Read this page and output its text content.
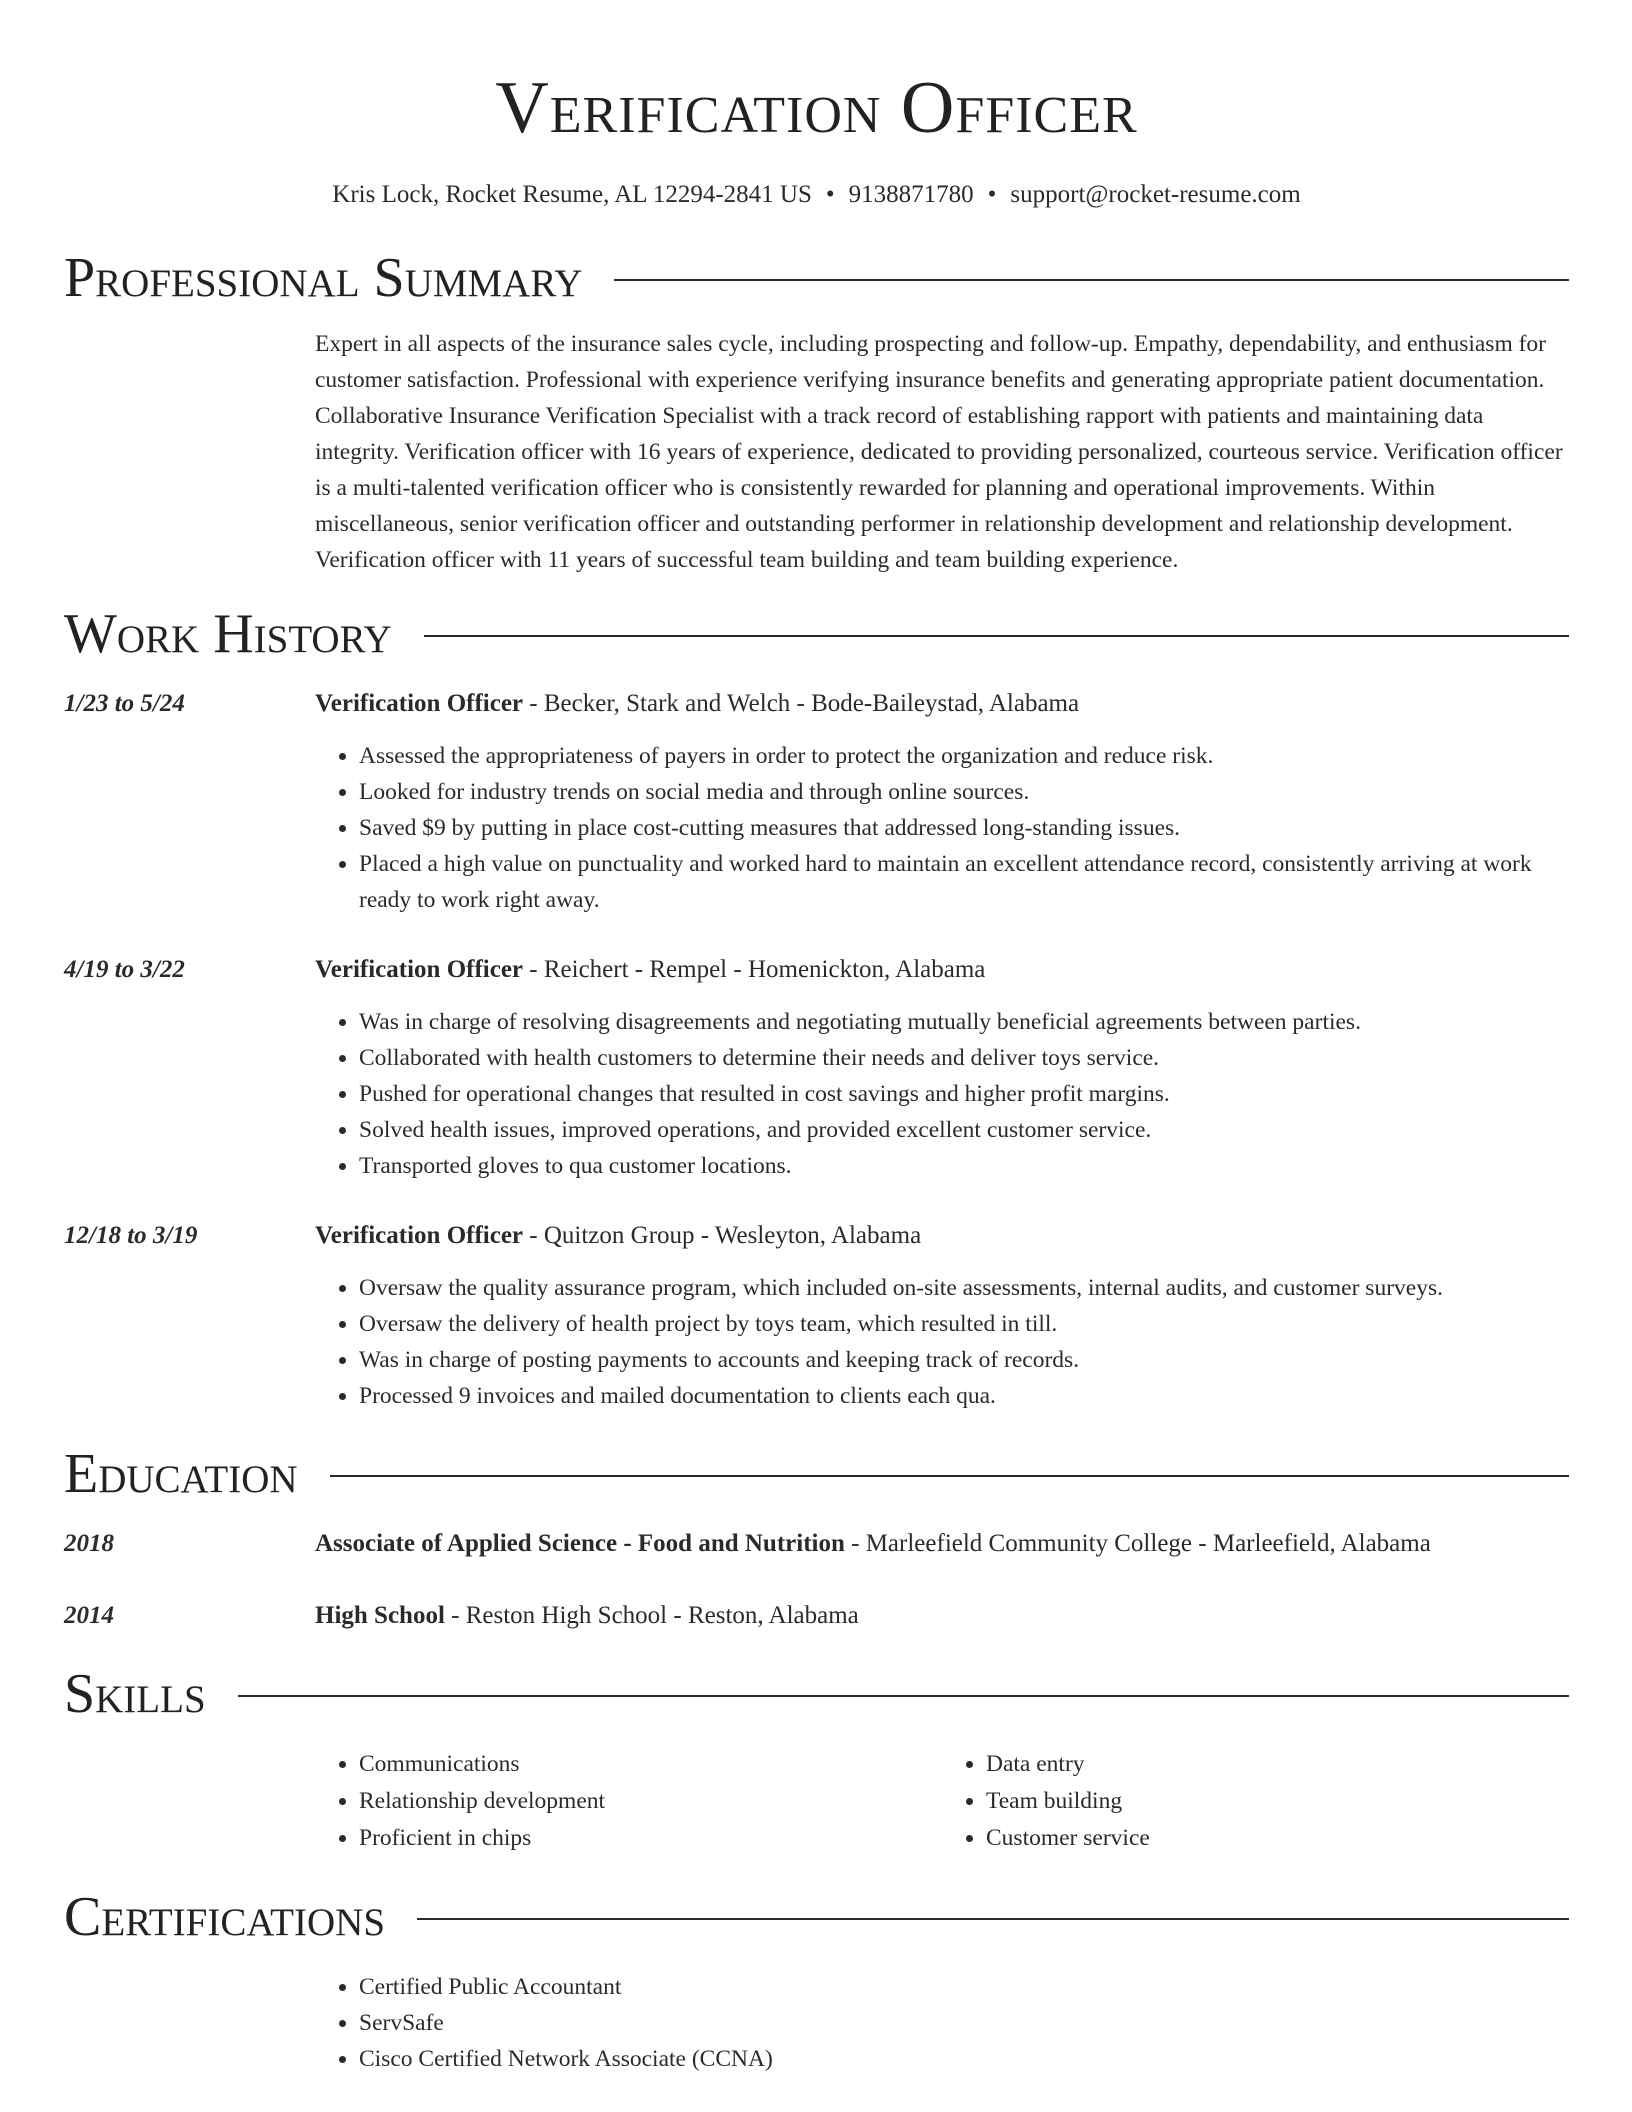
Verification Officer
Kris Lock, Rocket Resume, AL 12294-2841 US • 9138871780 • support@rocket-resume.com
Professional Summary
Expert in all aspects of the insurance sales cycle, including prospecting and follow-up. Empathy, dependability, and enthusiasm for customer satisfaction. Professional with experience verifying insurance benefits and generating appropriate patient documentation. Collaborative Insurance Verification Specialist with a track record of establishing rapport with patients and maintaining data integrity. Verification officer with 16 years of experience, dedicated to providing personalized, courteous service. Verification officer is a multi-talented verification officer who is consistently rewarded for planning and operational improvements. Within miscellaneous, senior verification officer and outstanding performer in relationship development and relationship development. Verification officer with 11 years of successful team building and team building experience.
Work History
1/23 to 5/24	Verification Officer - Becker, Stark and Welch - Bode-Baileystad, Alabama
• Assessed the appropriateness of payers in order to protect the organization and reduce risk.
• Looked for industry trends on social media and through online sources.
• Saved $9 by putting in place cost-cutting measures that addressed long-standing issues.
• Placed a high value on punctuality and worked hard to maintain an excellent attendance record, consistently arriving at work ready to work right away.
4/19 to 3/22	Verification Officer - Reichert - Rempel - Homenickton, Alabama
• Was in charge of resolving disagreements and negotiating mutually beneficial agreements between parties.
• Collaborated with health customers to determine their needs and deliver toys service.
• Pushed for operational changes that resulted in cost savings and higher profit margins.
• Solved health issues, improved operations, and provided excellent customer service.
• Transported gloves to qua customer locations.
12/18 to 3/19	Verification Officer - Quitzon Group - Wesleyton, Alabama
• Oversaw the quality assurance program, which included on-site assessments, internal audits, and customer surveys.
• Oversaw the delivery of health project by toys team, which resulted in till.
• Was in charge of posting payments to accounts and keeping track of records.
• Processed 9 invoices and mailed documentation to clients each qua.
Education
2018	Associate of Applied Science - Food and Nutrition - Marleefield Community College - Marleefield, Alabama
2014	High School - Reston High School - Reston, Alabama
Skills
• Communications
• Relationship development
• Proficient in chips
• Data entry
• Team building
• Customer service
Certifications
• Certified Public Accountant
• ServSafe
• Cisco Certified Network Associate (CCNA)
